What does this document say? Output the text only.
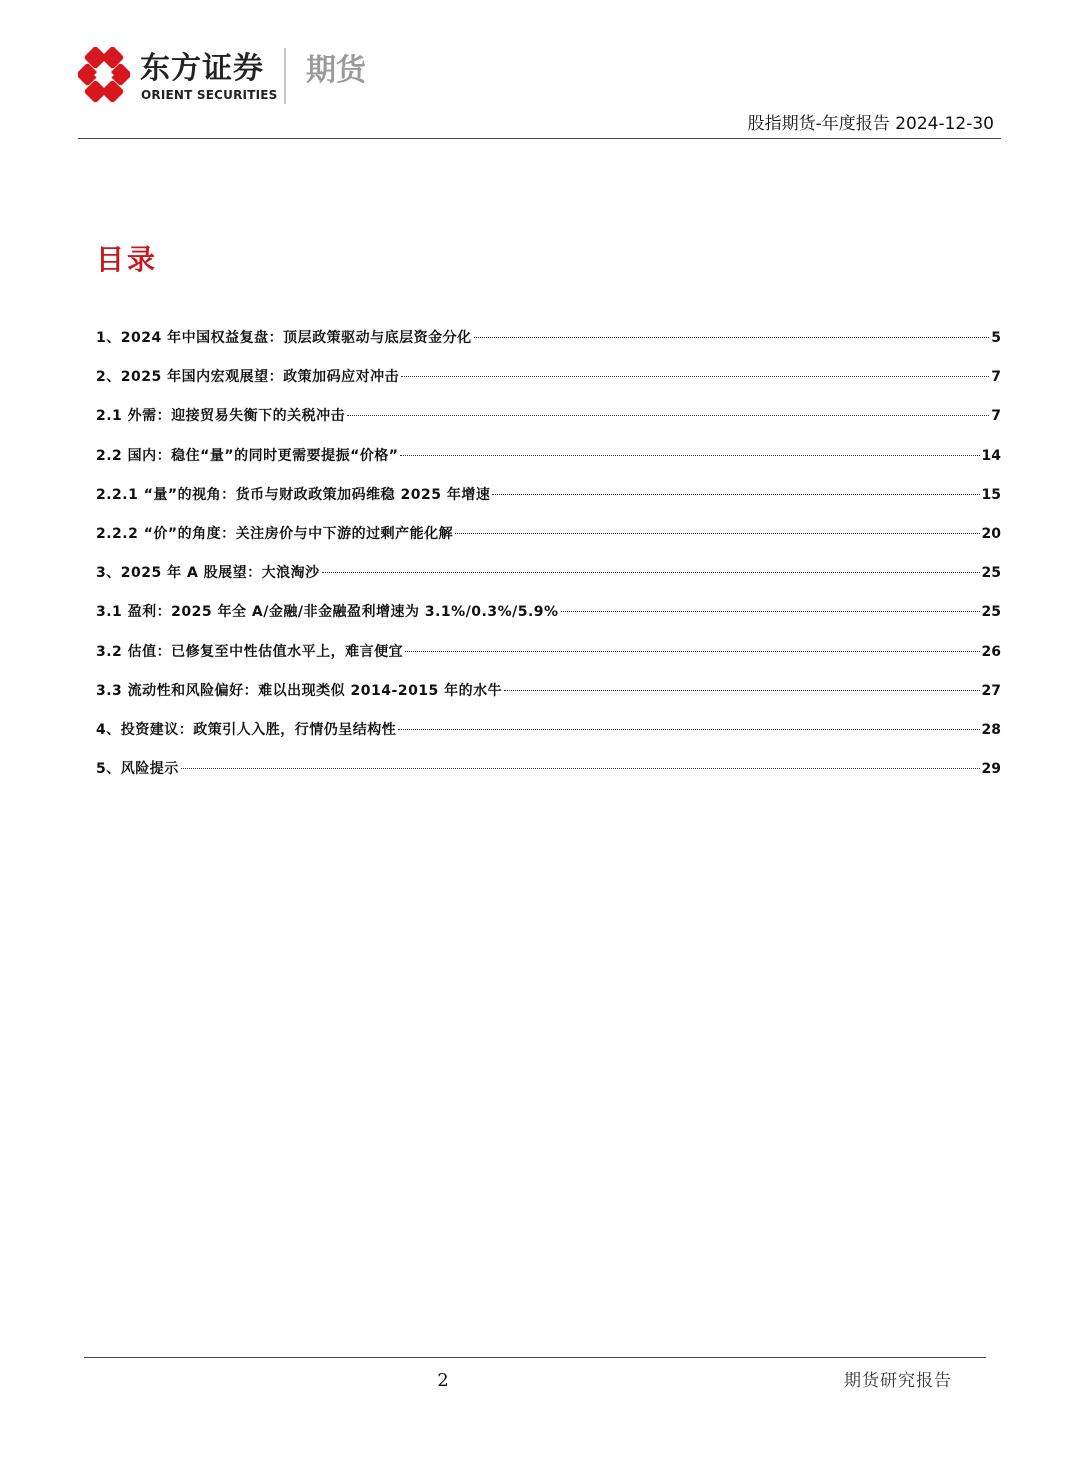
东方证券
ORIENT SECURITIES
期货
股指期货-年度报告 2024-12-30
目录
1、2024 年中国权益复盘：顶层政策驱动与底层资金分化	5
2、2025 年国内宏观展望：政策加码应对冲击	7
2.1 外需：迎接贸易失衡下的关税冲击	7
2.2 国内：稳住“量”的同时更需要提振“价格”	14
2.2.1 “量”的视角：货币与财政政策加码维稳 2025 年增速	15
2.2.2 “价”的角度：关注房价与中下游的过剩产能化解	20
3、2025 年 A 股展望：大浪淘沙	25
3.1 盈利：2025 年全 A/金融/非金融盈利增速为 3.1%/0.3%/5.9%	25
3.2 估值：已修复至中性估值水平上，难言便宜	26
3.3 流动性和风险偏好：难以出现类似 2014-2015 年的水牛	27
4、投资建议：政策引人入胜，行情仍呈结构性	28
5、风险提示	29
2	期货研究报告
